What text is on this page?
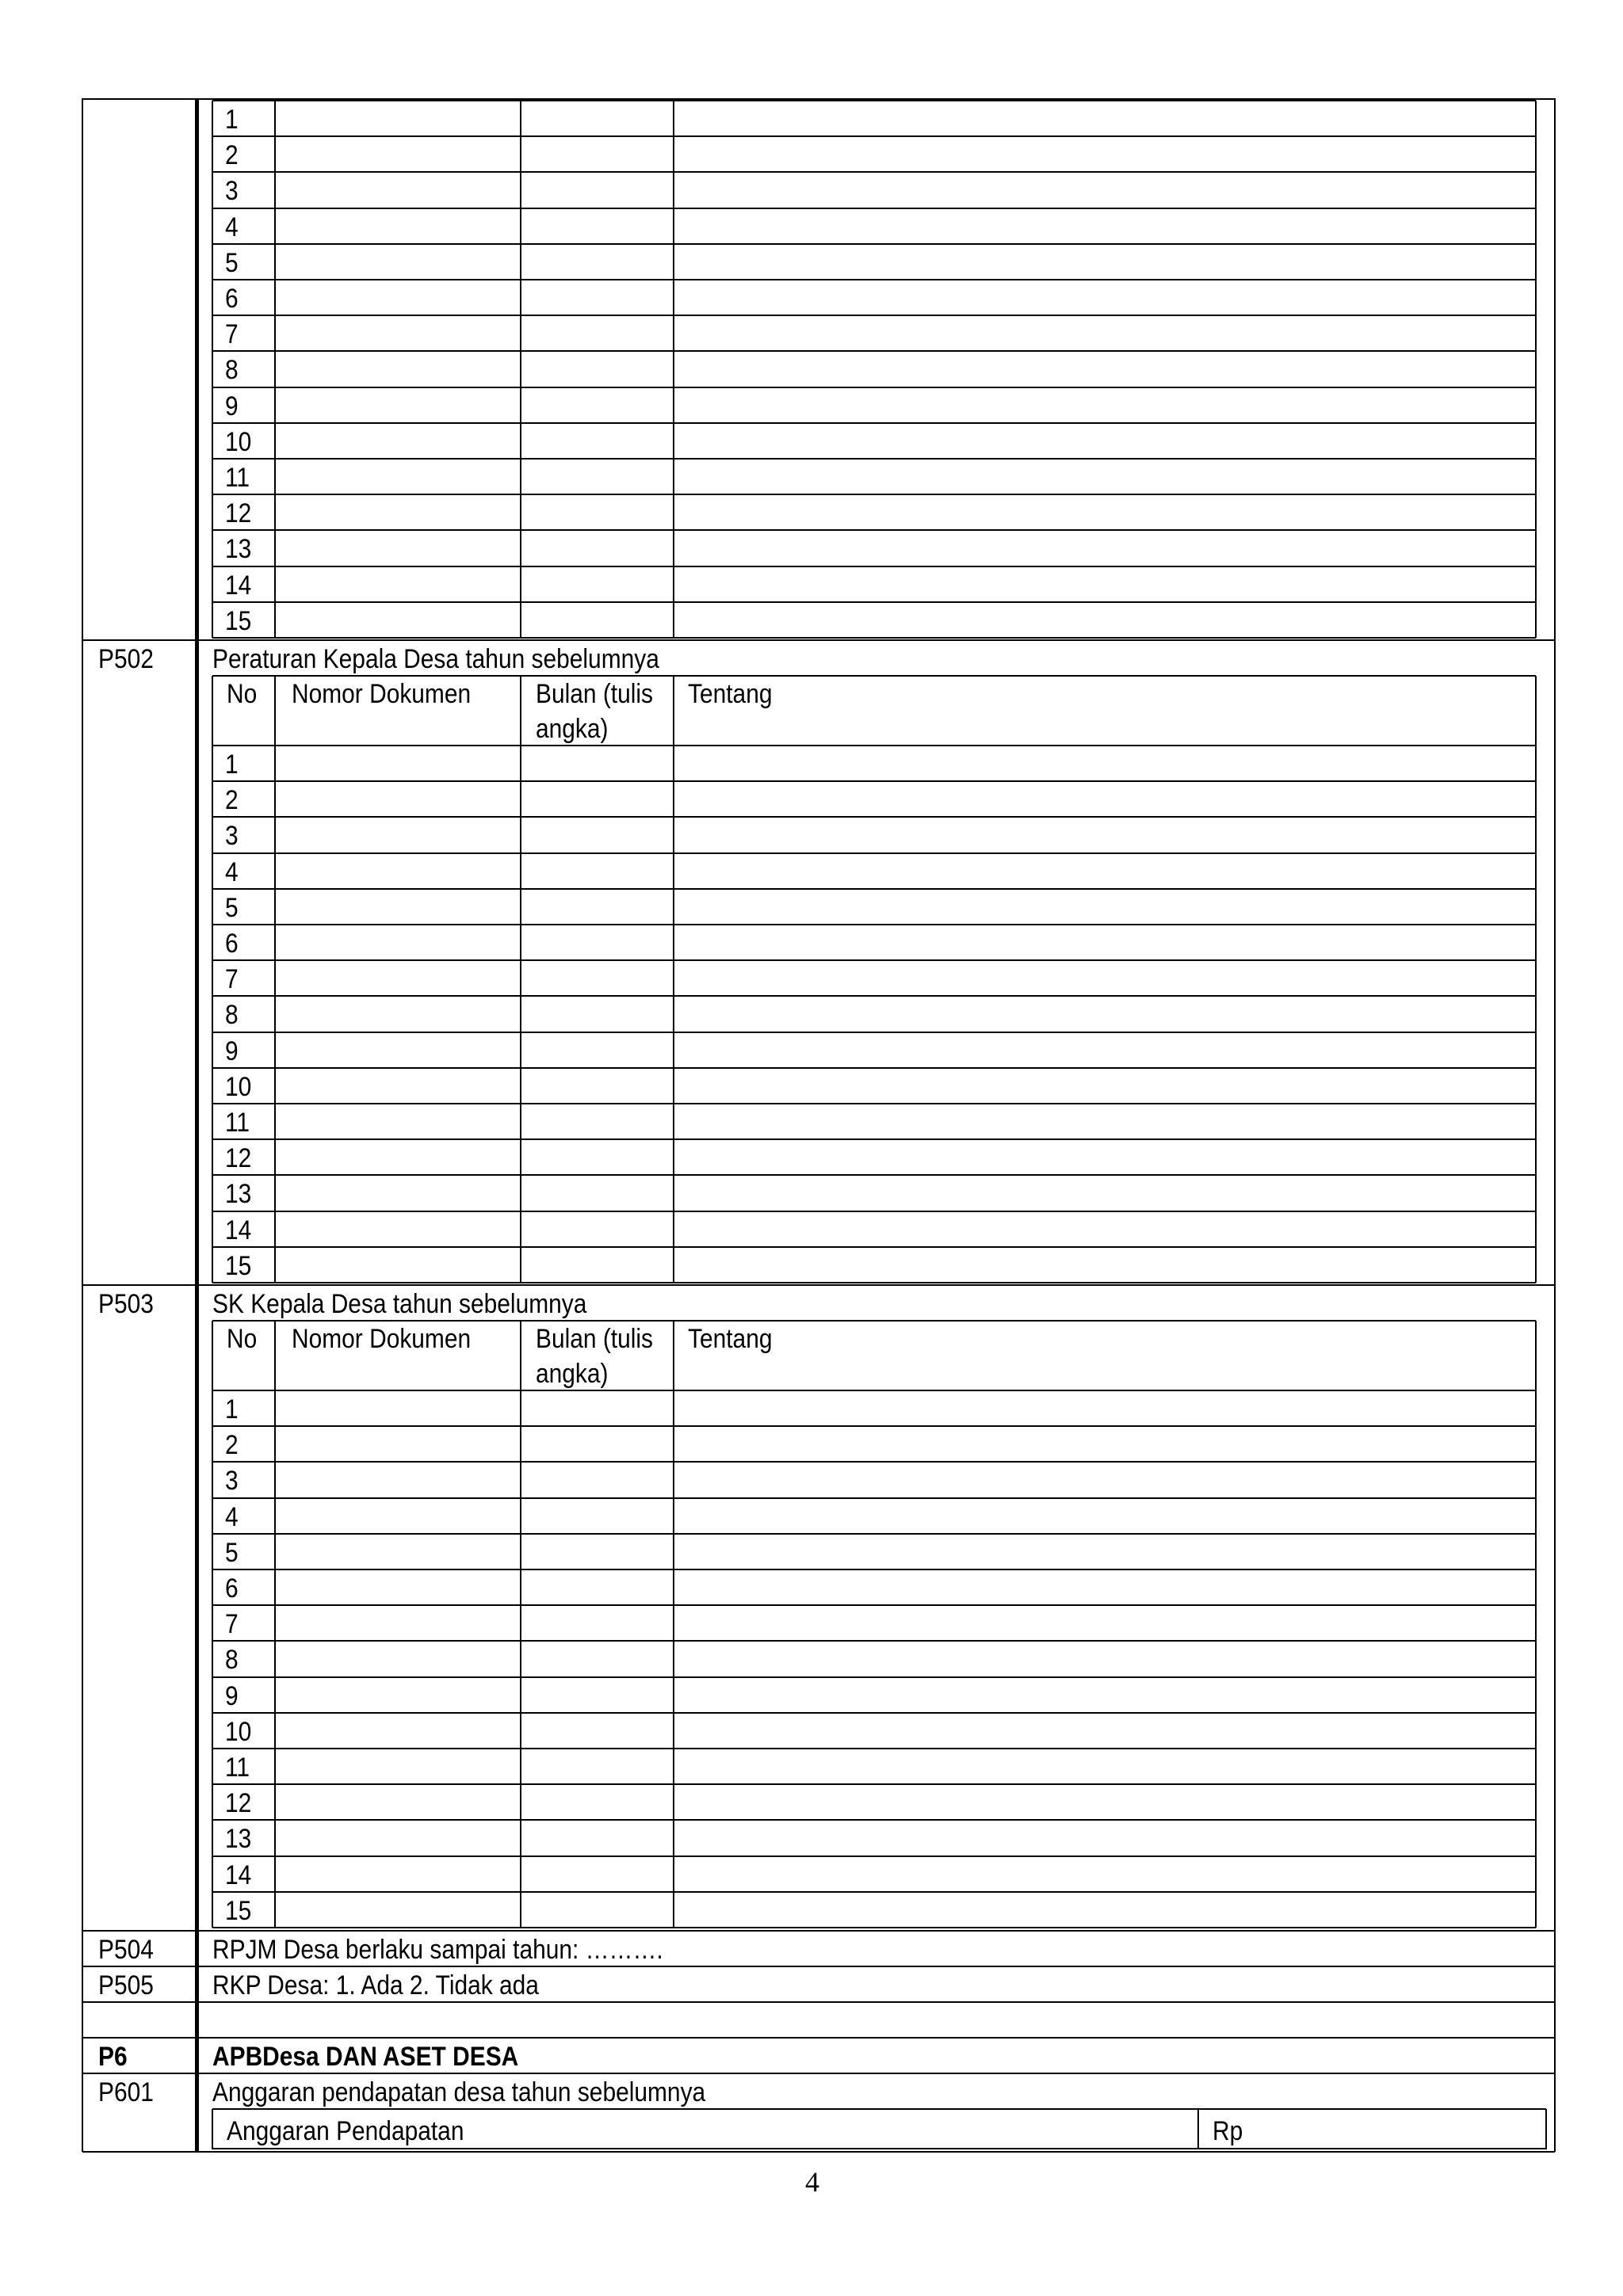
1
2
3
4
5
6
7
8
9
10
11
12
13
14
15
P502 Peraturan Kepala Desa tahun sebelumnya
No Nomor Dokumen Bulan (tulis
angka)
Tentang
1
2
3
4
5
6
7
8
9
10
11
12
13
14
15
P503 SK Kepala Desa tahun sebelumnya
No Nomor Dokumen Bulan (tulis
angka)
Tentang
1
2
3
4
5
6
7
8
9
10
11
12
13
14
15
P504 RPJM Desa berlaku sampai tahun: ……….
P505 RKP Desa: 1. Ada 2. Tidak ada
P6	APBDesa DAN ASET DESA
P601 Anggaran pendapatan desa tahun sebelumnya
Anggaran Pendapatan	Rp
4
